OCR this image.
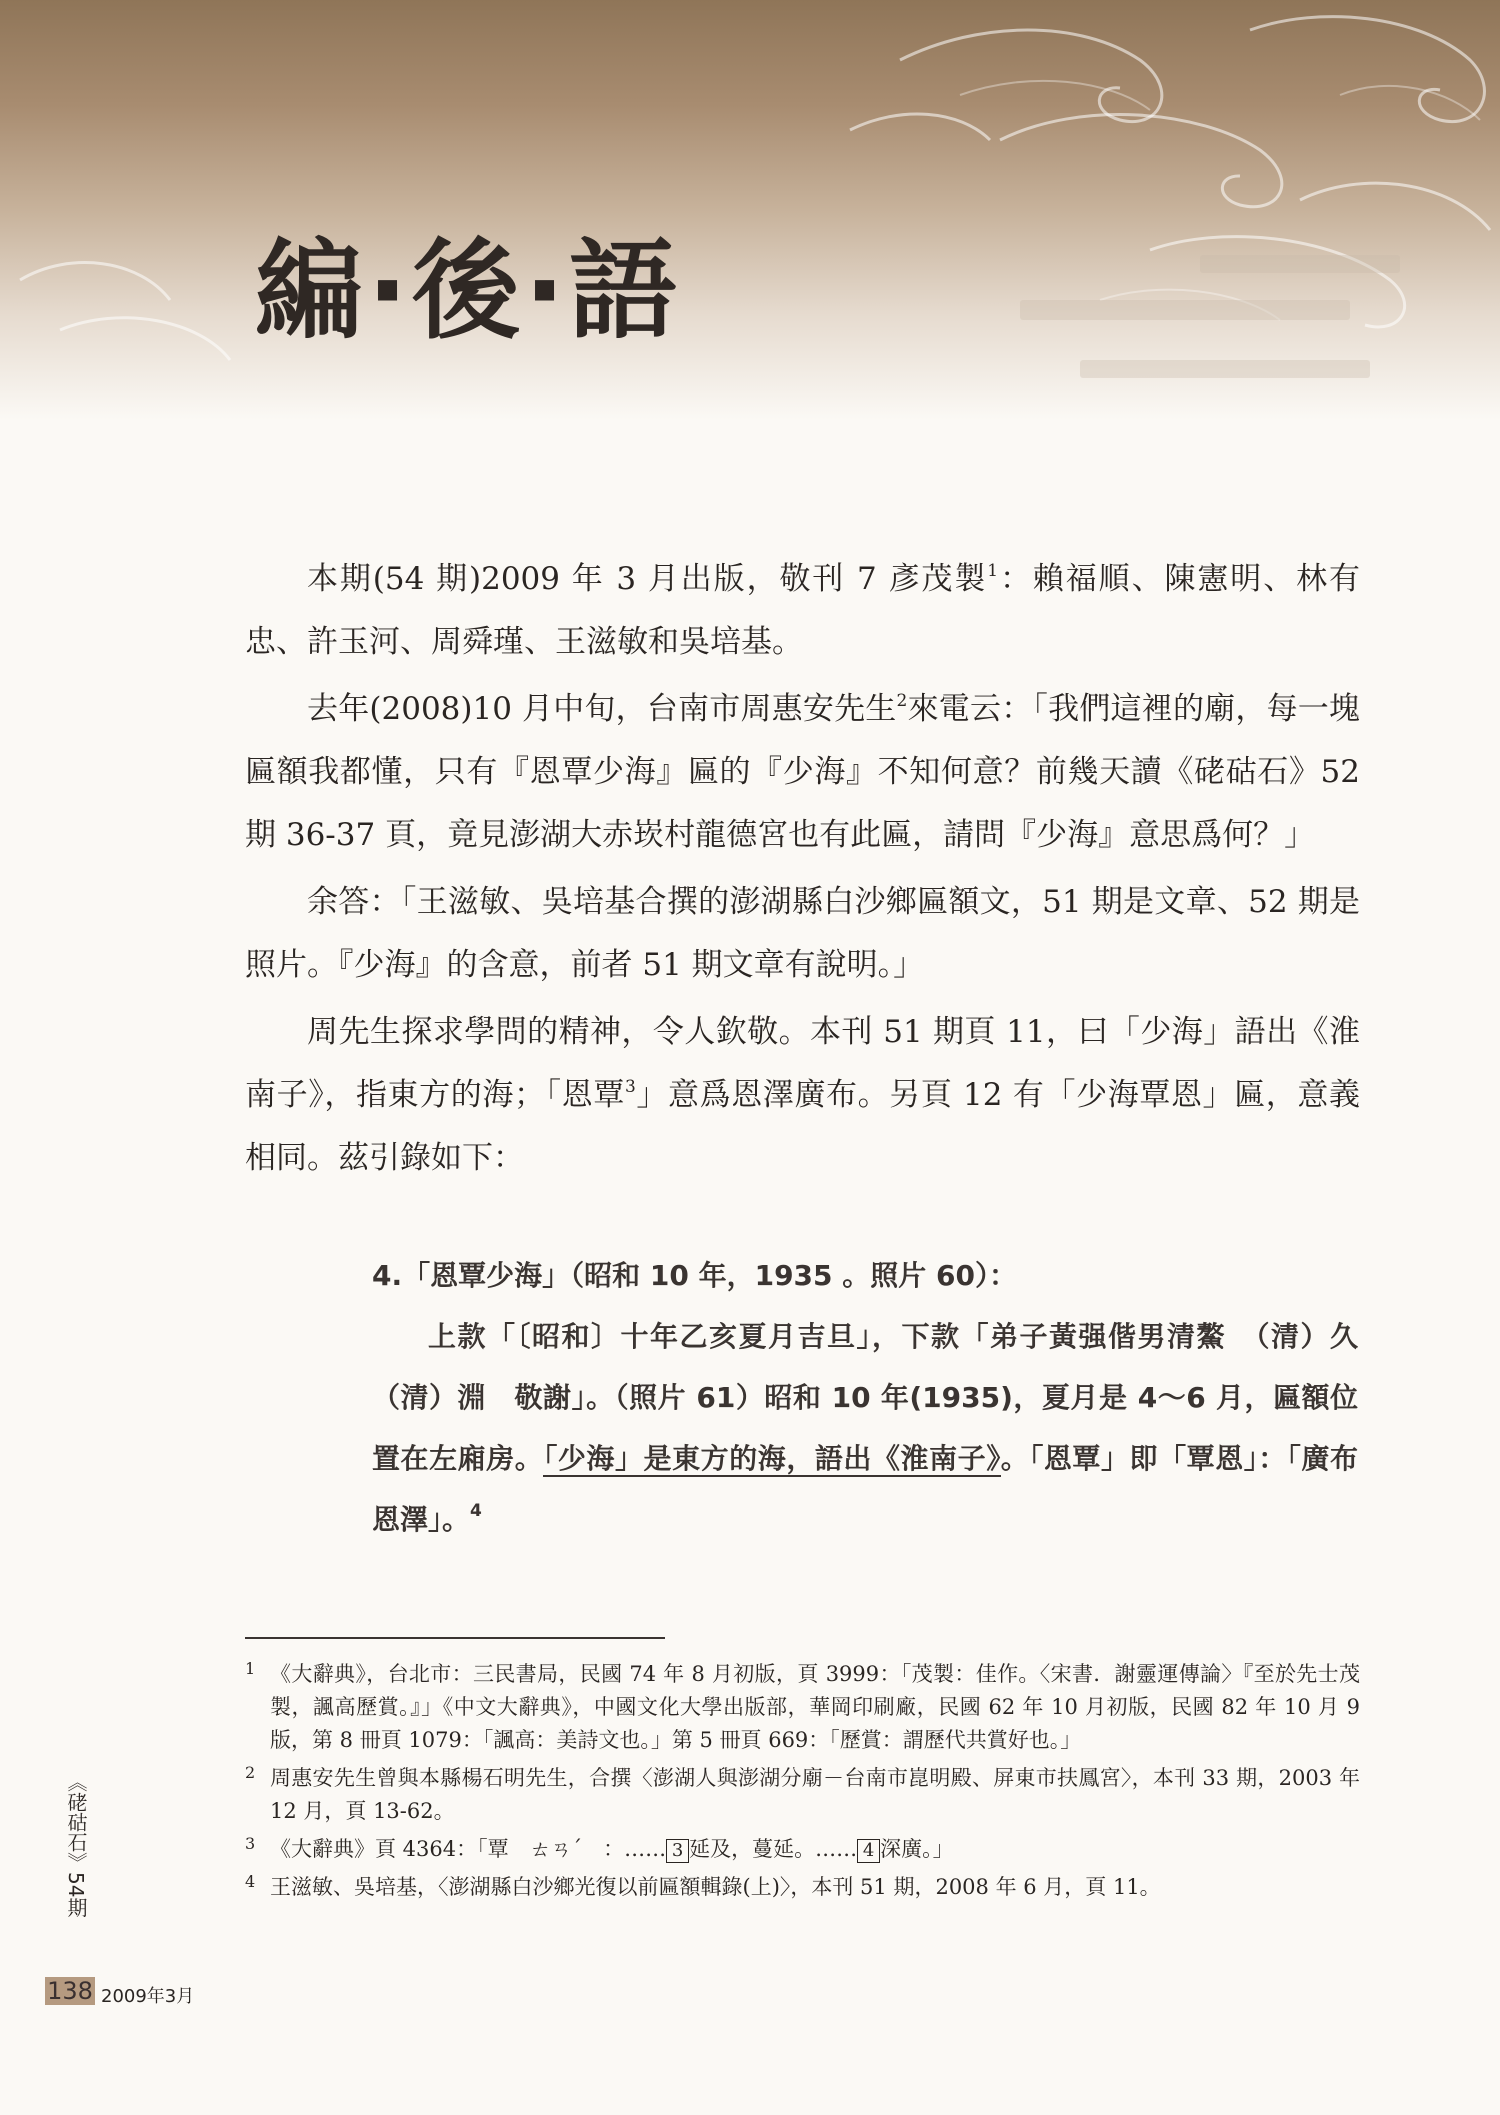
編·後·語

本期(54 期)2009 年 3 月出版，敬刊 7 彥茂製$^1$：賴福順、陳憲明、林有忠、許玉河、周舜瑾、王滋敏和吳培基。

去年(2008)10 月中旬，台南市周惠安先生$^2$來電云：「我們這裡的廟，每一塊匾額我都懂，只有『恩覃少海』匾的『少海』不知何意？前幾天讀《硓𥑮石》52 期 36-37 頁，竟見澎湖大赤崁村龍德宮也有此匾，請問『少海』意思爲何？」

余答：「王滋敏、吳培基合撰的澎湖縣白沙鄉匾額文，51 期是文章、52 期是照片。『少海』的含意，前者 51 期文章有說明。」

周先生探求學問的精神，令人欽敬。本刊 51 期頁 11，曰「少海」語出《淮南子》，指東方的海；「恩覃$^3$」意爲恩澤廣布。另頁 12 有「少海覃恩」匾，意義相同。茲引錄如下：

4.「恩覃少海」（昭和 10 年，1935 。照片 60）：

上款「〔昭和〕十年乙亥夏月吉旦」，下款「弟子黃强偕男清鰲　（清）久　（清）淵　敬謝」。（照片 61）昭和 10 年(1935)，夏月是 4～6 月，匾額位置在左廂房。「少海」是東方的海，語出《淮南子》。「恩覃」即「覃恩」：「廣布恩澤」。$^4$

1 《大辭典》，台北市：三民書局，民國 74 年 8 月初版，頁 3999：「茂製：佳作。〈宋書．謝靈運傳論〉『至於先士茂製，諷高歷賞。』」《中文大辭典》，中國文化大學出版部，華岡印刷廠，民國 62 年 10 月初版，民國 82 年 10 月 9 版，第 8 冊頁 1079：「諷高：美詩文也。」第 5 冊頁 669：「歷賞：謂歷代共賞好也。」

2 周惠安先生曾與本縣楊石明先生，合撰〈澎湖人與澎湖分廟－台南市崑明殿、屏東市扶鳳宮〉，本刊 33 期，2003 年 12 月，頁 13-62。

3 《大辭典》頁 4364：「覃　ㄊㄢˊ　：…… 3 延及，蔓延。…… 4 深廣。」

4 王滋敏、吳培基，〈澎湖縣白沙鄉光復以前匾額輯錄(上)〉，本刊 51 期，2008 年 6 月，頁 11。

《硓𥑮石》54期
138 2009年3月
